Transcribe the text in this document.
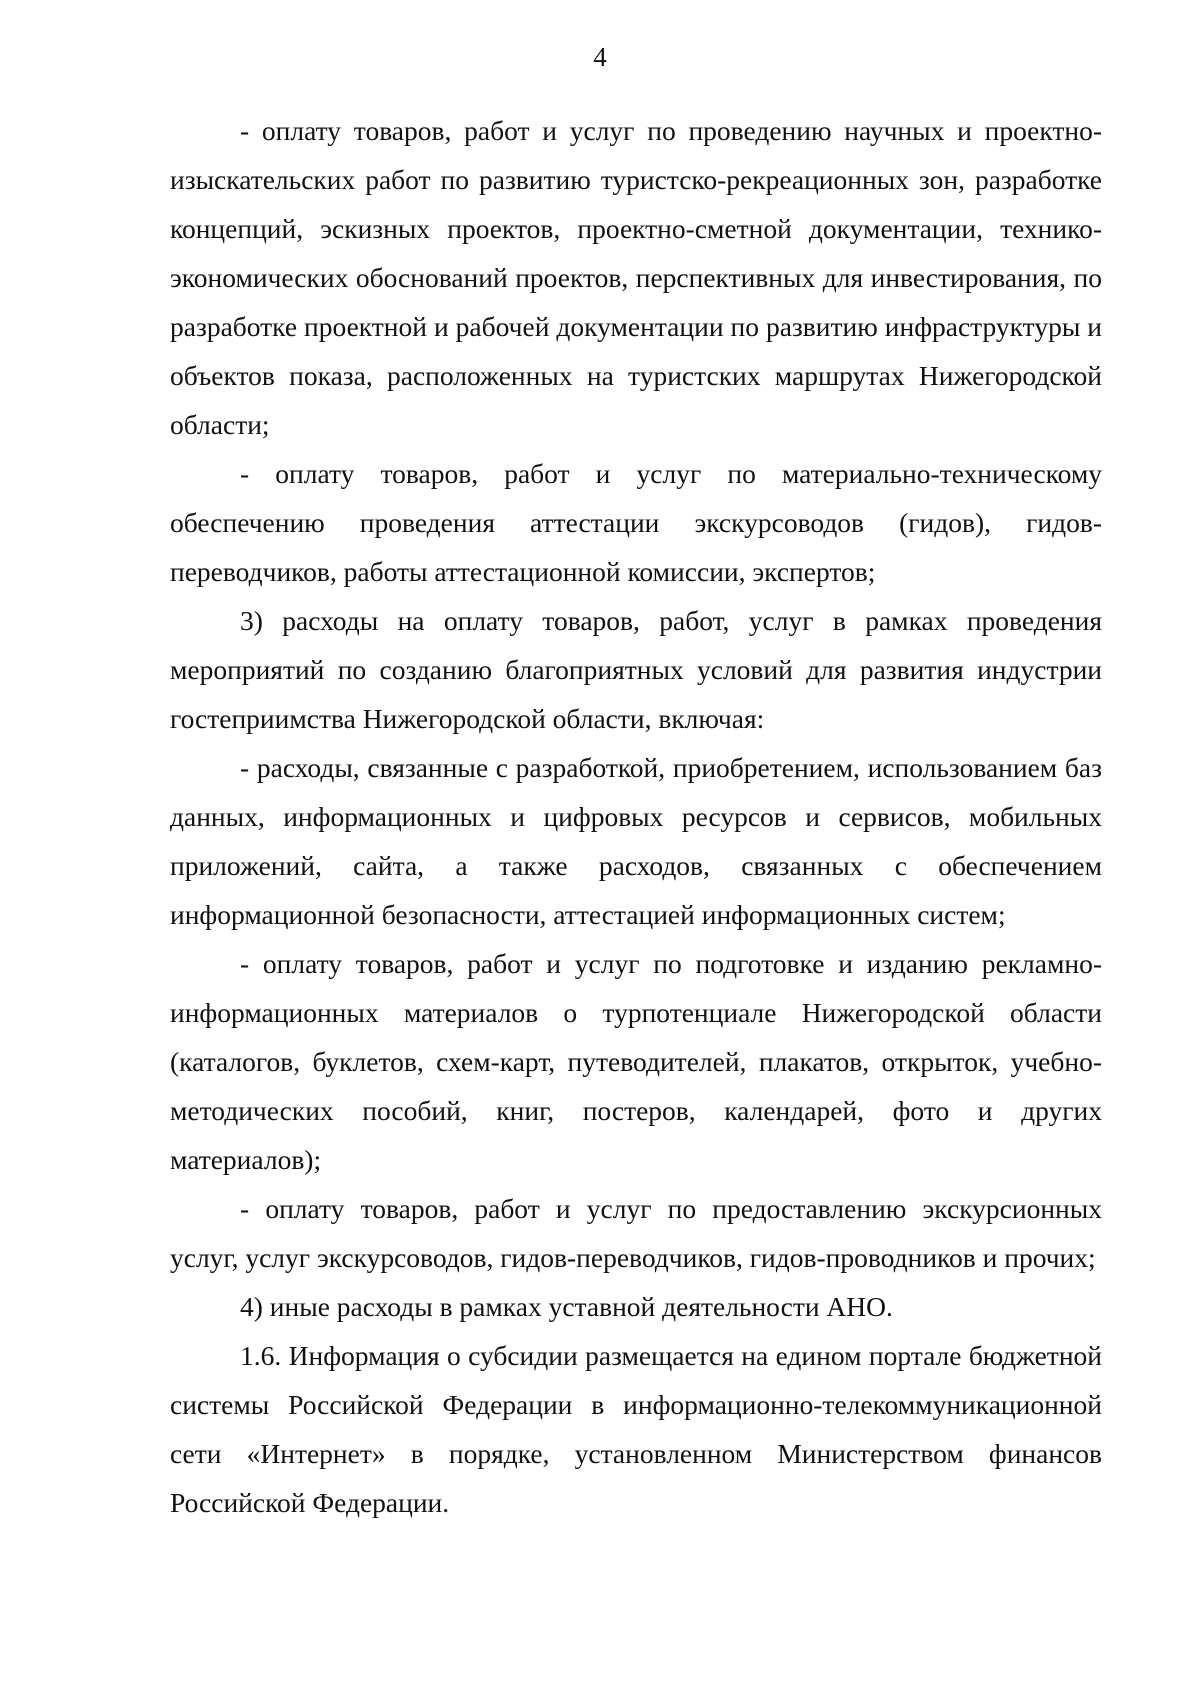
4

- оплату товаров, работ и услуг по проведению научных и проектно-изыскательских работ по развитию туристско-рекреационных зон, разработке концепций, эскизных проектов, проектно-сметной документации, технико-экономических обоснований проектов, перспективных для инвестирования, по разработке проектной и рабочей документации по развитию инфраструктуры и объектов показа, расположенных на туристских маршрутах Нижегородской области;

- оплату товаров, работ и услуг по материально-техническому обеспечению проведения аттестации экскурсоводов (гидов), гидов-переводчиков, работы аттестационной комиссии, экспертов;

3) расходы на оплату товаров, работ, услуг в рамках проведения мероприятий по созданию благоприятных условий для развития индустрии гостеприимства Нижегородской области, включая:

- расходы, связанные с разработкой, приобретением, использованием баз данных, информационных и цифровых ресурсов и сервисов, мобильных приложений, сайта, а также расходов, связанных с обеспечением информационной безопасности, аттестацией информационных систем;

- оплату товаров, работ и услуг по подготовке и изданию рекламно-информационных материалов о турпотенциале Нижегородской области (каталогов, буклетов, схем-карт, путеводителей, плакатов, открыток, учебно-методических пособий, книг, постеров, календарей, фото и других материалов);

- оплату товаров, работ и услуг по предоставлению экскурсионных услуг, услуг экскурсоводов, гидов-переводчиков, гидов-проводников и прочих;

4) иные расходы в рамках уставной деятельности АНО.

1.6. Информация о субсидии размещается на едином портале бюджетной системы Российской Федерации в информационно-телекоммуникационной сети «Интернет» в порядке, установленном Министерством финансов Российской Федерации.
